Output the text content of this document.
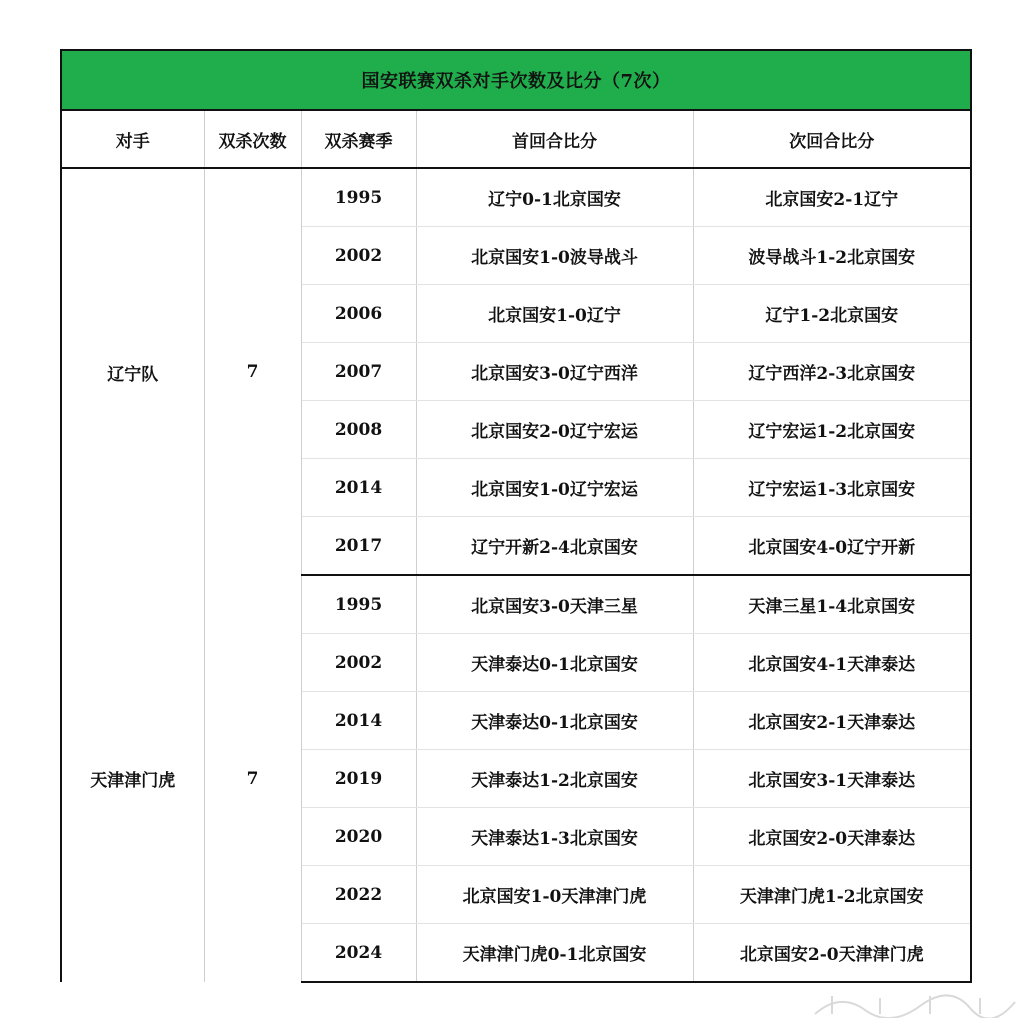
国安联赛双杀对手次数及比分（7次）				
对手	双杀次数	双杀赛季	首回合比分	次回合比分
辽宁队	7	1995	辽宁0-1北京国安	北京国安2-1辽宁
		2002	北京国安1-0波导战斗	波导战斗1-2北京国安
		2006	北京国安1-0辽宁	辽宁1-2北京国安
		2007	北京国安3-0辽宁西洋	辽宁西洋2-3北京国安
		2008	北京国安2-0辽宁宏运	辽宁宏运1-2北京国安
		2014	北京国安1-0辽宁宏运	辽宁宏运1-3北京国安
		2017	辽宁开新2-4北京国安	北京国安4-0辽宁开新
天津津门虎	7	1995	北京国安3-0天津三星	天津三星1-4北京国安
		2002	天津泰达0-1北京国安	北京国安4-1天津泰达
		2014	天津泰达0-1北京国安	北京国安2-1天津泰达
		2019	天津泰达1-2北京国安	北京国安3-1天津泰达
		2020	天津泰达1-3北京国安	北京国安2-0天津泰达
		2022	北京国安1-0天津津门虎	天津津门虎1-2北京国安
		2024	天津津门虎0-1北京国安	北京国安2-0天津津门虎
